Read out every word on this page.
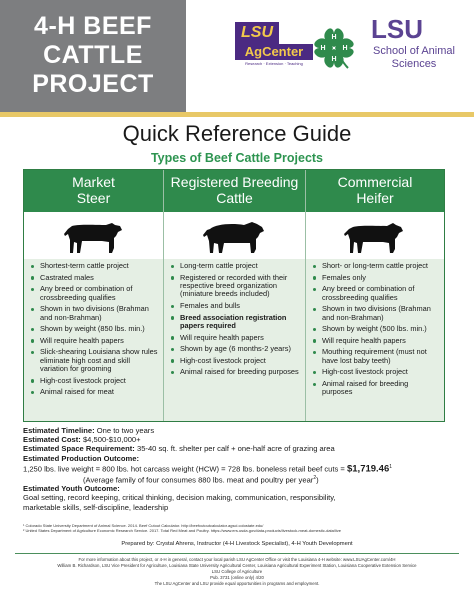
4-H BEEF
CATTLE
PROJECT
LSU
AgCenter
Research · Extension · Teaching
H
H
H H
LSU
School of Animal
Sciences
Quick Reference Guide
Types of Beef Cattle Projects
Market
Steer
Shortest-term cattle project
Castrated males
Any breed or combination of crossbreeding qualifies
Shown in two divisions (Brahman and non-Brahman)
Shown by weight (850 lbs. min.)
Will require health papers
Slick-shearing Louisiana show rules eliminate high cost and skill variation for grooming
High-cost livestock project
Animal raised for meat
Registered Breeding
Cattle
Long-term cattle project
Registered or recorded with their respective breed organization (miniature breeds included)
Females and bulls
Breed association registration papers required
Will require health papers
Shown by age (6 months-2 years)
High-cost livestock project
Animal raised for breeding purposes
Commercial
Heifer
Short- or long-term cattle project
Females only
Any breed or combination of crossbreeding qualifies
Shown in two divisions (Brahman and non-Brahman)
Shown by weight (500 lbs. min.)
Will require health papers
Mouthing requirement (must not have lost baby teeth)
High-cost livestock project
Animal raised for breeding purposes
Estimated Timeline: One to two years
Estimated Cost: $4,500-$10,000+
Estimated Space Requirement: 35-40 sq. ft. shelter per calf + one-half acre of grazing area
Estimated Production Outcome:
1,250 lbs. live weight = 800 lbs. hot carcass weight (HCW) = 728 lbs. boneless retail beef cuts = $\$1,719.46^1$
(Average family of four consumes 880 lbs. meat and poultry per year$^2$)
Estimated Youth Outcome:
Goal setting, record keeping, critical thinking, decision making, communication, responsibility,
marketable skills, self-discipline, leadership
¹ Colorado State University Department of Animal Science. 2014. Beef Cutout Calculator. http://beefcutoutcalculator.agsci.colostate.edu/
² United States Department of Agriculture Economic Research Service. 2017. Total Red Meat and Poultry. https://www.ers.usda.gov/data-products/livestock-meat-domestic-data/live
Prepared by: Crystal Ahrens, Instructor (4-H Livestock Specialist), 4-H Youth Development
For more information about this project, or 4-H in general, contact your local parish LSU AgCenter Office or visit the Louisiana 4-H website: www.LSUAgCenter.com/4H
William B. Richardson, LSU Vice President for Agriculture, Louisiana State University Agricultural Center, Louisiana Agricultural Experiment Station, Louisiana Cooperative Extension Service
LSU College of Agriculture
Pub. 3731 (online only) 4/20
The LSU AgCenter and LSU provide equal opportunities in programs and employment.
